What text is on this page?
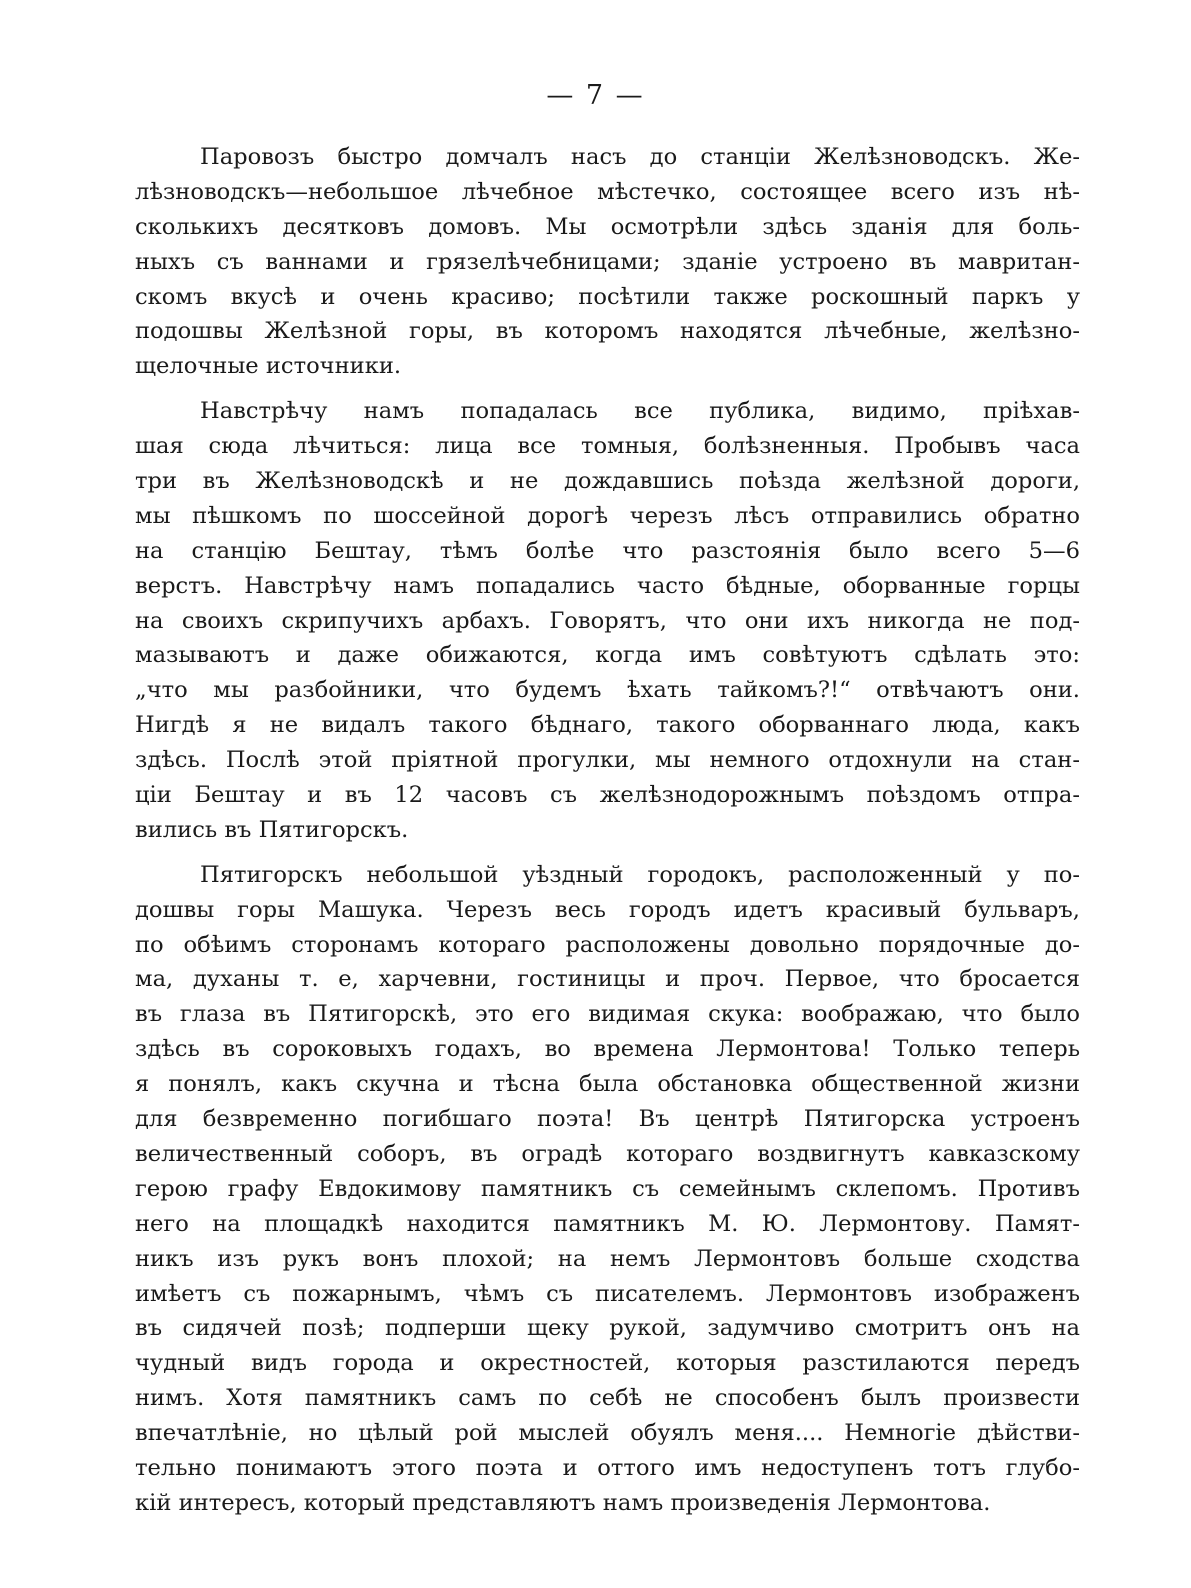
— 7 —
Паровозъ быстро домчалъ насъ до станціи Желѣзноводскъ. Же-
лѣзноводскъ—небольшое лѣчебное мѣстечко, состоящее всего изъ нѣ-
сколькихъ десятковъ домовъ. Мы осмотрѣли здѣсь зданія для боль-
ныхъ съ ваннами и грязелѣчебницами; зданіе устроено въ мавритан-
скомъ вкусѣ и очень красиво; посѣтили также роскошный паркъ у
подошвы Желѣзной горы, въ которомъ находятся лѣчебные, желѣзно-
щелочные источники.
Навстрѣчу намъ попадалась все публика, видимо, пріѣхав-
шая сюда лѣчиться: лица все томныя, болѣзненныя. Пробывъ часа
три въ Желѣзноводскѣ и не дождавшись поѣзда желѣзной дороги,
мы пѣшкомъ по шоссейной дорогѣ черезъ лѣсъ отправились обратно
на станцію Бештау, тѣмъ болѣе что разстоянія было всего 5—6
верстъ. Навстрѣчу намъ попадались часто бѣдные, оборванные горцы
на своихъ скрипучихъ арбахъ. Говорятъ, что они ихъ никогда не под-
мазываютъ и даже обижаются, когда имъ совѣтуютъ сдѣлать это:
„что мы разбойники, что будемъ ѣхать тайкомъ?!“ отвѣчаютъ они.
Нигдѣ я не видалъ такого бѣднаго, такого оборваннаго люда, какъ
здѣсь. Послѣ этой пріятной прогулки, мы немного отдохнули на стан-
ціи Бештау и въ 12 часовъ съ желѣзнодорожнымъ поѣздомъ отпра-
вились въ Пятигорскъ.
Пятигорскъ небольшой уѣздный городокъ, расположенный у по-
дошвы горы Машука. Черезъ весь городъ идетъ красивый бульваръ,
по обѣимъ сторонамъ котораго расположены довольно порядочные до-
ма, духаны т. е, харчевни, гостиницы и проч. Первое, что бросается
въ глаза въ Пятигорскѣ, это его видимая скука: воображаю, что было
здѣсь въ сороковыхъ годахъ, во времена Лермонтова! Только теперь
я понялъ, какъ скучна и тѣсна была обстановка общественной жизни
для безвременно погибшаго поэта! Въ центрѣ Пятигорска устроенъ
величественный соборъ, въ оградѣ котораго воздвигнутъ кавказскому
герою графу Евдокимову памятникъ съ семейнымъ склепомъ. Противъ
него на площадкѣ находится памятникъ М. Ю. Лермонтову. Памят-
никъ изъ рукъ вонъ плохой; на немъ Лермонтовъ больше сходства
имѣетъ съ пожарнымъ, чѣмъ съ писателемъ. Лермонтовъ изображенъ
въ сидячей позѣ; подперши щеку рукой, задумчиво смотритъ онъ на
чудный видъ города и окрестностей, которыя разстилаются передъ
нимъ. Хотя памятникъ самъ по себѣ не способенъ былъ произвести
впечатлѣніе, но цѣлый рой мыслей обуялъ меня.... Немногіе дѣйстви-
тельно понимаютъ этого поэта и оттого имъ недоступенъ тотъ глубо-
кій интересъ, который представляютъ намъ произведенія Лермонтова.
